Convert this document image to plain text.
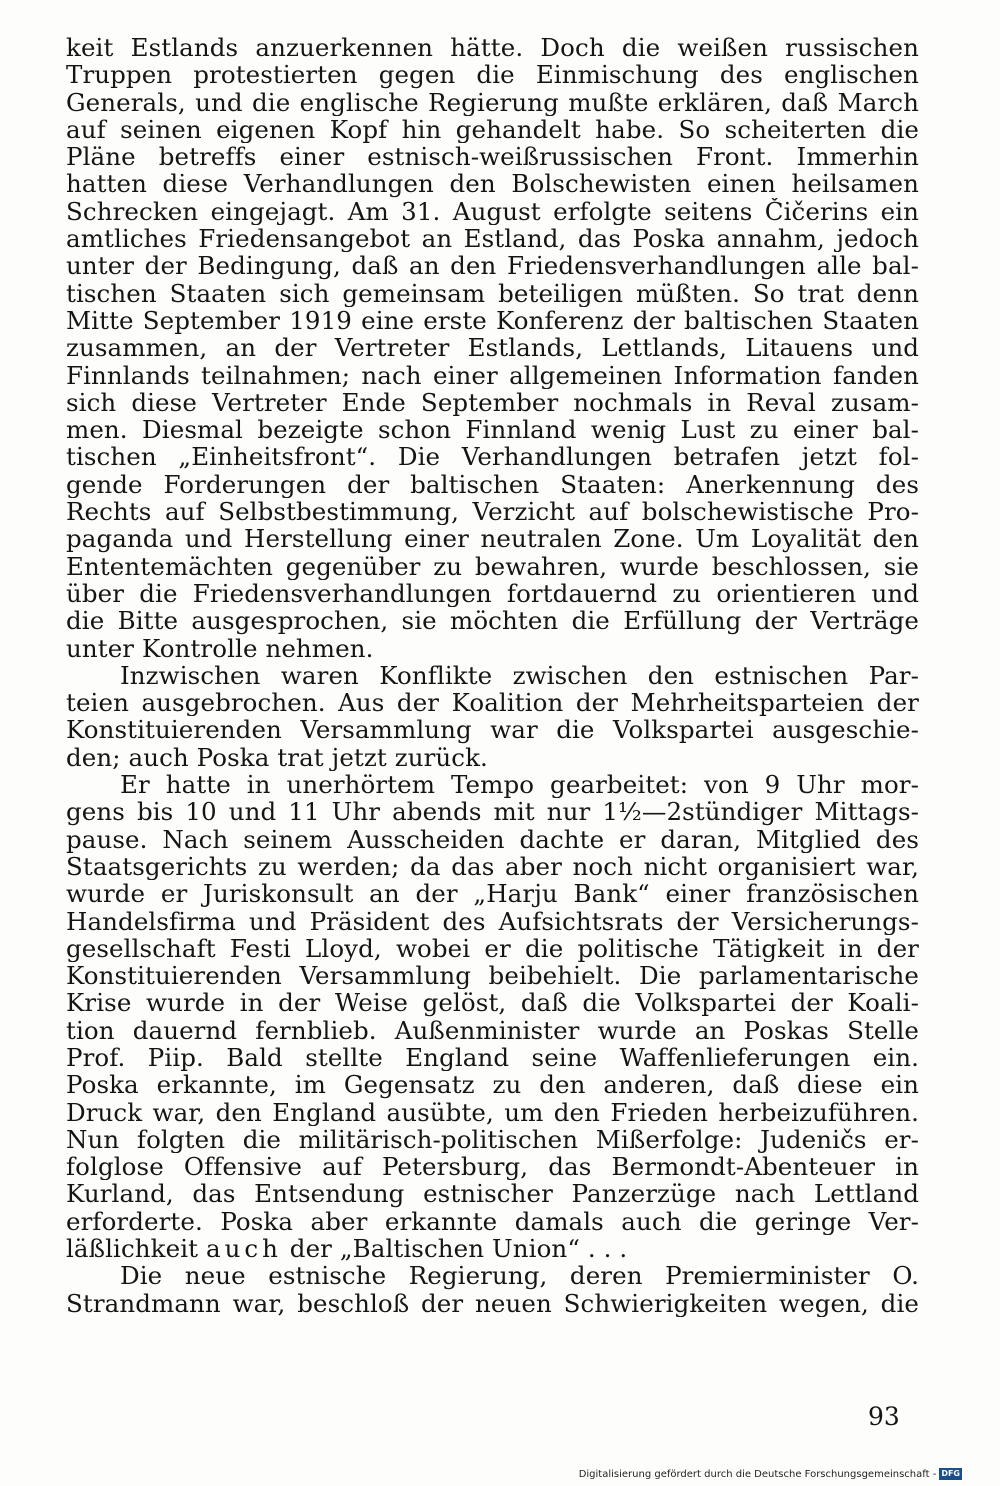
keit Estlands anzuerkennen hätte. Doch die weißen russischen

Truppen protestierten gegen die Einmischung des englischen

Generals, und die englische Regierung mußte erklären, daß March

auf seinen eigenen Kopf hin gehandelt habe. So scheiterten die

Pläne betreffs einer estnisch-weißrussischen Front. Immerhin

hatten diese Verhandlungen den Bolschewisten einen heilsamen

Schrecken eingejagt. Am 31. August erfolgte seitens Čičerins ein

amtliches Friedensangebot an Estland, das Poska annahm, jedoch

unter der Bedingung, daß an den Friedensverhandlungen alle bal-

tischen Staaten sich gemeinsam beteiligen müßten. So trat denn

Mitte September 1919 eine erste Konferenz der baltischen Staaten

zusammen, an der Vertreter Estlands, Lettlands, Litauens und

Finnlands teilnahmen; nach einer allgemeinen Information fanden

sich diese Vertreter Ende September nochmals in Reval zusam-

men. Diesmal bezeigte schon Finnland wenig Lust zu einer bal-

tischen „Einheitsfront“. Die Verhandlungen betrafen jetzt fol-

gende Forderungen der baltischen Staaten: Anerkennung des

Rechts auf Selbstbestimmung, Verzicht auf bolschewistische Pro-

paganda und Herstellung einer neutralen Zone. Um Loyalität den

Ententemächten gegenüber zu bewahren, wurde beschlossen, sie

über die Friedensverhandlungen fortdauernd zu orientieren und

die Bitte ausgesprochen, sie möchten die Erfüllung der Verträge

unter Kontrolle nehmen.

Inzwischen waren Konflikte zwischen den estnischen Par-

teien ausgebrochen. Aus der Koalition der Mehrheitsparteien der

Konstituierenden Versammlung war die Volkspartei ausgeschie-

den; auch Poska trat jetzt zurück.

Er hatte in unerhörtem Tempo gearbeitet: von 9 Uhr mor-

gens bis 10 und 11 Uhr abends mit nur 1½—2stündiger Mittags-

pause. Nach seinem Ausscheiden dachte er daran, Mitglied des

Staatsgerichts zu werden; da das aber noch nicht organisiert war,

wurde er Juriskonsult an der „Harju Bank“ einer französischen

Handelsfirma und Präsident des Aufsichtsrats der Versicherungs-

gesellschaft Festi Lloyd, wobei er die politische Tätigkeit in der

Konstituierenden Versammlung beibehielt. Die parlamentarische

Krise wurde in der Weise gelöst, daß die Volkspartei der Koali-

tion dauernd fernblieb. Außenminister wurde an Poskas Stelle

Prof. Piip. Bald stellte England seine Waffenlieferungen ein.

Poska erkannte, im Gegensatz zu den anderen, daß diese ein

Druck war, den England ausübte, um den Frieden herbeizuführen.

Nun folgten die militärisch-politischen Mißerfolge: Judeničs er-

folglose Offensive auf Petersburg, das Bermondt-Abenteuer in

Kurland, das Entsendung estnischer Panzerzüge nach Lettland

erforderte. Poska aber erkannte damals auch die geringe Ver-

läßlichkeit auch der „Baltischen Union“ . . .

Die neue estnische Regierung, deren Premierminister O.

Strandmann war, beschloß der neuen Schwierigkeiten wegen, die

93
Digitalisierung gefördert durch die Deutsche Forschungsgemeinschaft - DFG
